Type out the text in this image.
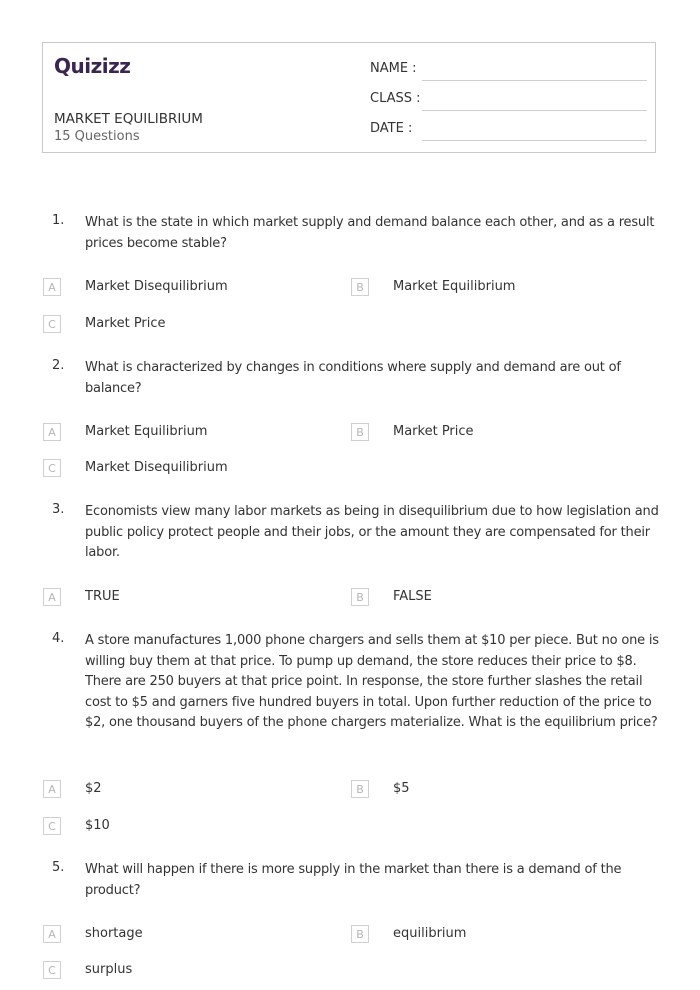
Quizizz
MARKET EQUILIBRIUM
15 Questions
NAME :
CLASS :
DATE :
1. What is the state in which market supply and demand balance each other, and as a result prices become stable?

A	Market Disequilibrium	B	Market Equilibrium
C	Market Price
2. What is characterized by changes in conditions where supply and demand are out of balance?

A	Market Equilibrium	B	Market Price
C	Market Disequilibrium
3. Economists view many labor markets as being in disequilibrium due to how legislation and public policy protect people and their jobs, or the amount they are compensated for their labor.

A	TRUE	B	FALSE
4. A store manufactures 1,000 phone chargers and sells them at $10 per piece. But no one is willing buy them at that price. To pump up demand, the store reduces their price to $8. There are 250 buyers at that price point. In response, the store further slashes the retail cost to $5 and garners five hundred buyers in total. Upon further reduction of the price to $2, one thousand buyers of the phone chargers materialize. What is the equilibrium price?

A	$2	B	$5
C	$10
5. What will happen if there is more supply in the market than there is a demand of the product?

A	shortage	B	equilibrium
C	surplus
